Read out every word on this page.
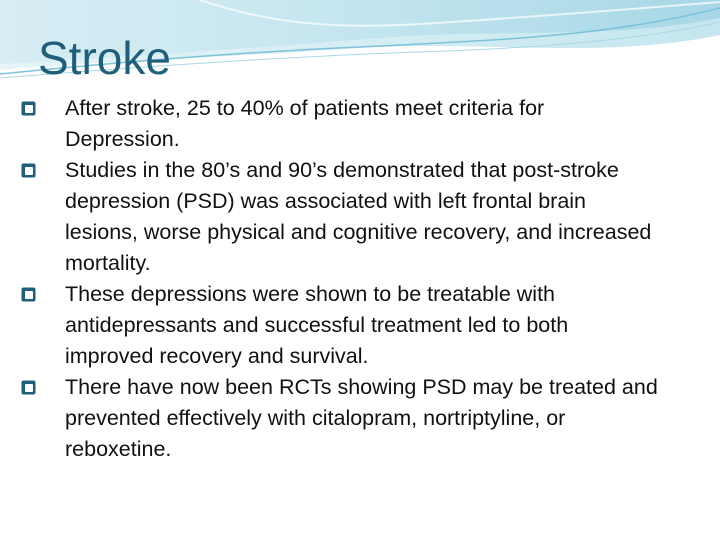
Stroke
After stroke, 25 to 40% of patients meet criteria for Depression.
Studies in the 80’s and 90’s demonstrated that post-stroke depression (PSD) was associated with left frontal brain lesions, worse physical and cognitive recovery, and increased mortality.
These depressions were shown to be treatable with antidepressants and successful treatment led to both improved recovery and survival.
There have now been RCTs showing PSD may be treated and prevented effectively with citalopram, nortriptyline, or reboxetine.
